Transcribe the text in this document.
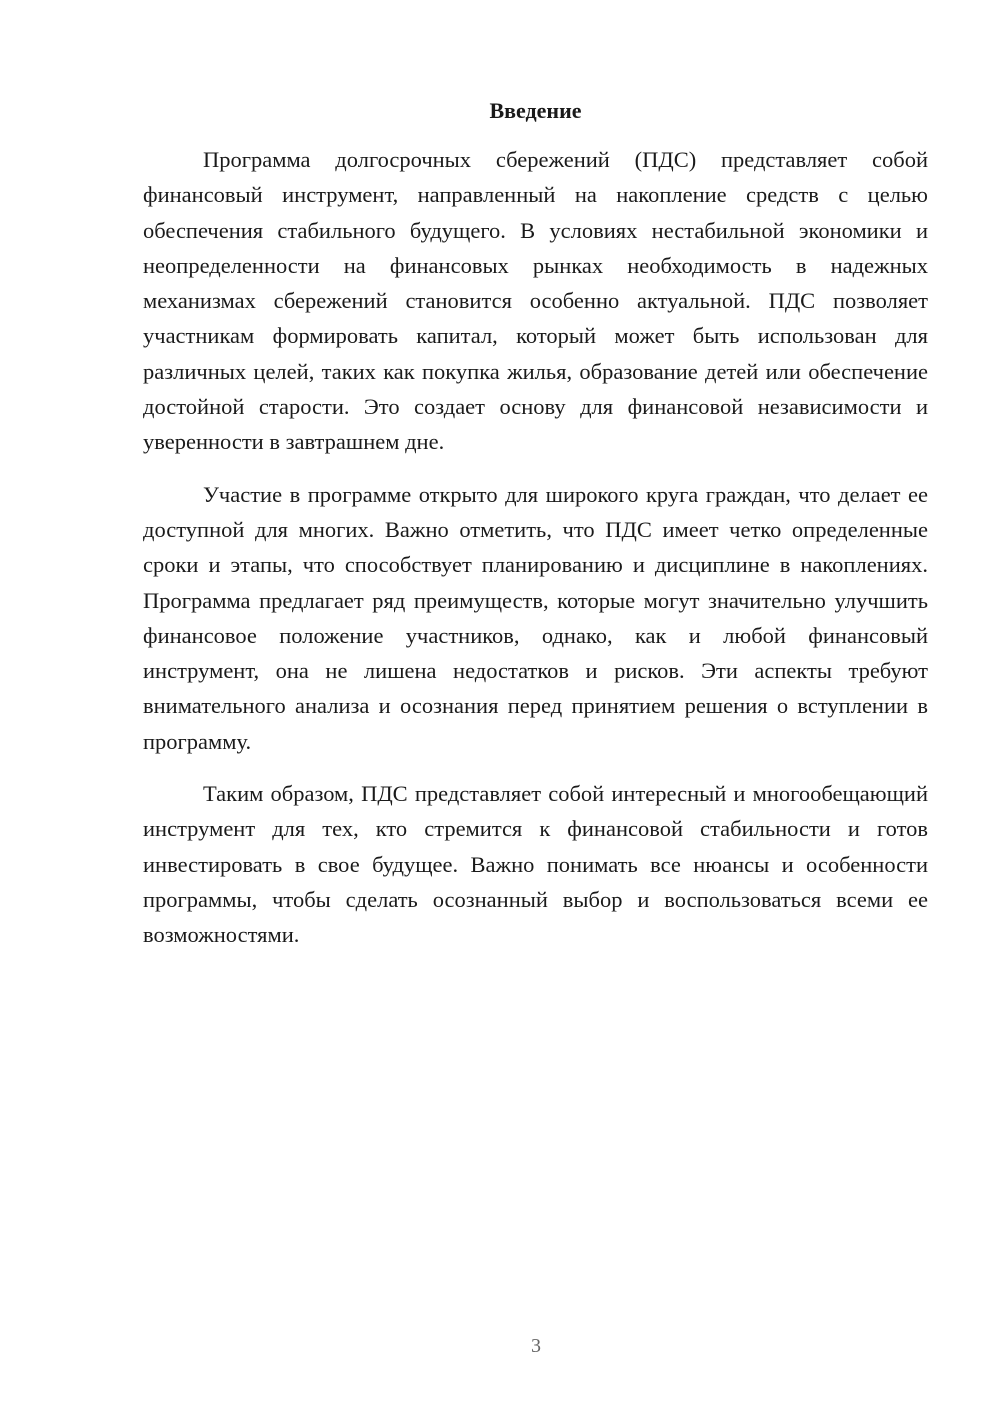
Введение

Программа долгосрочных сбережений (ПДС) представляет собой финансовый инструмент, направленный на накопление средств с целью обеспечения стабильного будущего. В условиях нестабильной экономики и неопределенности на финансовых рынках необходимость в надежных механизмах сбережений становится особенно актуальной. ПДС позволяет участникам формировать капитал, который может быть использован для различных целей, таких как покупка жилья, образование детей или обеспечение достойной старости. Это создает основу для финансовой независимости и уверенности в завтрашнем дне.

Участие в программе открыто для широкого круга граждан, что делает ее доступной для многих. Важно отметить, что ПДС имеет четко определенные сроки и этапы, что способствует планированию и дисциплине в накоплениях. Программа предлагает ряд преимуществ, которые могут значительно улучшить финансовое положение участников, однако, как и любой финансовый инструмент, она не лишена недостатков и рисков. Эти аспекты требуют внимательного анализа и осознания перед принятием решения о вступлении в программу.

Таким образом, ПДС представляет собой интересный и многообещающий инструмент для тех, кто стремится к финансовой стабильности и готов инвестировать в свое будущее. Важно понимать все нюансы и особенности программы, чтобы сделать осознанный выбор и воспользоваться всеми ее возможностями.

3
